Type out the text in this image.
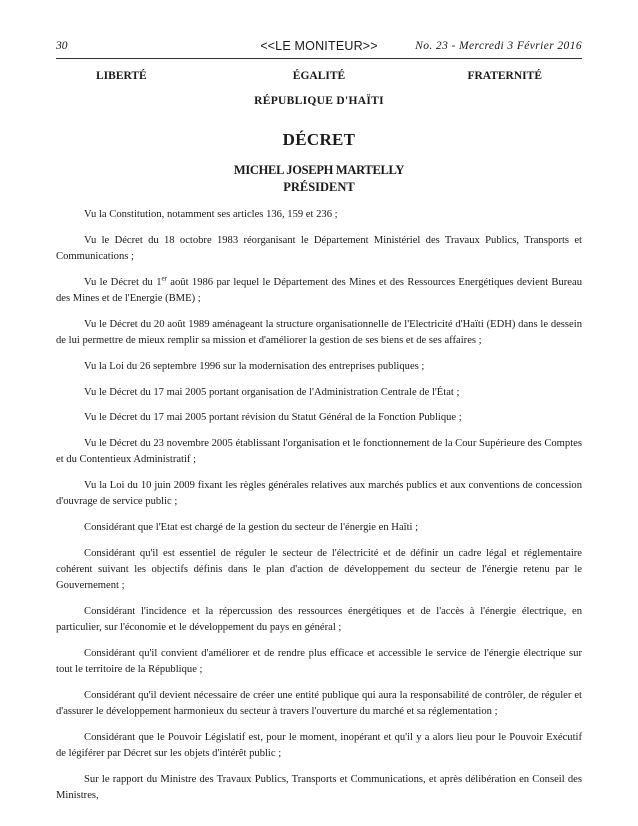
30	<<LE MONITEUR>>	No. 23 - Mercredi 3 Février 2016
LIBERTÉ	ÉGALITÉ	FRATERNITÉ
RÉPUBLIQUE D'HAÏTI
DÉCRET
MICHEL JOSEPH MARTELLY
PRÉSIDENT

Vu la Constitution, notamment ses articles 136, 159 et 236 ;

Vu le Décret du 18 octobre 1983 réorganisant le Département Ministériel des Travaux Publics, Transports et Communications ;

Vu le Décret du 1er août 1986 par lequel le Département des Mines et des Ressources Energétiques devient Bureau des Mines et de l'Energie (BME) ;

Vu le Décret du 20 août 1989 aménageant la structure organisationnelle de l'Electricité d'Haïti (EDH) dans le dessein de lui permettre de mieux remplir sa mission et d'améliorer la gestion de ses biens et de ses affaires ;

Vu la Loi du 26 septembre 1996 sur la modernisation des entreprises publiques ;

Vu le Décret du 17 mai 2005 portant organisation de l'Administration Centrale de l'État ;

Vu le Décret du 17 mai 2005 portant révision du Statut Général de la Fonction Publique ;

Vu le Décret du 23 novembre 2005 établissant l'organisation et le fonctionnement de la Cour Supérieure des Comptes et du Contentieux Administratif ;

Vu la Loi du 10 juin 2009 fixant les règles générales relatives aux marchés publics et aux conventions de concession d'ouvrage de service public ;

Considérant que l'Etat est chargé de la gestion du secteur de l'énergie en Haïti ;

Considérant qu'il est essentiel de réguler le secteur de l'électricité et de définir un cadre légal et réglementaire cohérent suivant les objectifs définis dans le plan d'action de développement du secteur de l'énergie retenu par le Gouvernement ;

Considérant l'incidence et la répercussion des ressources énergétiques et de l'accès à l'énergie électrique, en particulier, sur l'économie et le développement du pays en général ;

Considérant qu'il convient d'améliorer et de rendre plus efficace et accessible le service de l'énergie électrique sur tout le territoire de la République ;

Considérant qu'il devient nécessaire de créer une entité publique qui aura la responsabilité de contrôler, de réguler et d'assurer le développement harmonieux du secteur à travers l'ouverture du marché et sa réglementation ;

Considérant que le Pouvoir Législatif est, pour le moment, inopérant et qu'il y a alors lieu pour le Pouvoir Exécutif de légiférer par Décret sur les objets d'intérêt public ;

Sur le rapport du Ministre des Travaux Publics, Transports et Communications, et après délibération en Conseil des Ministres,
